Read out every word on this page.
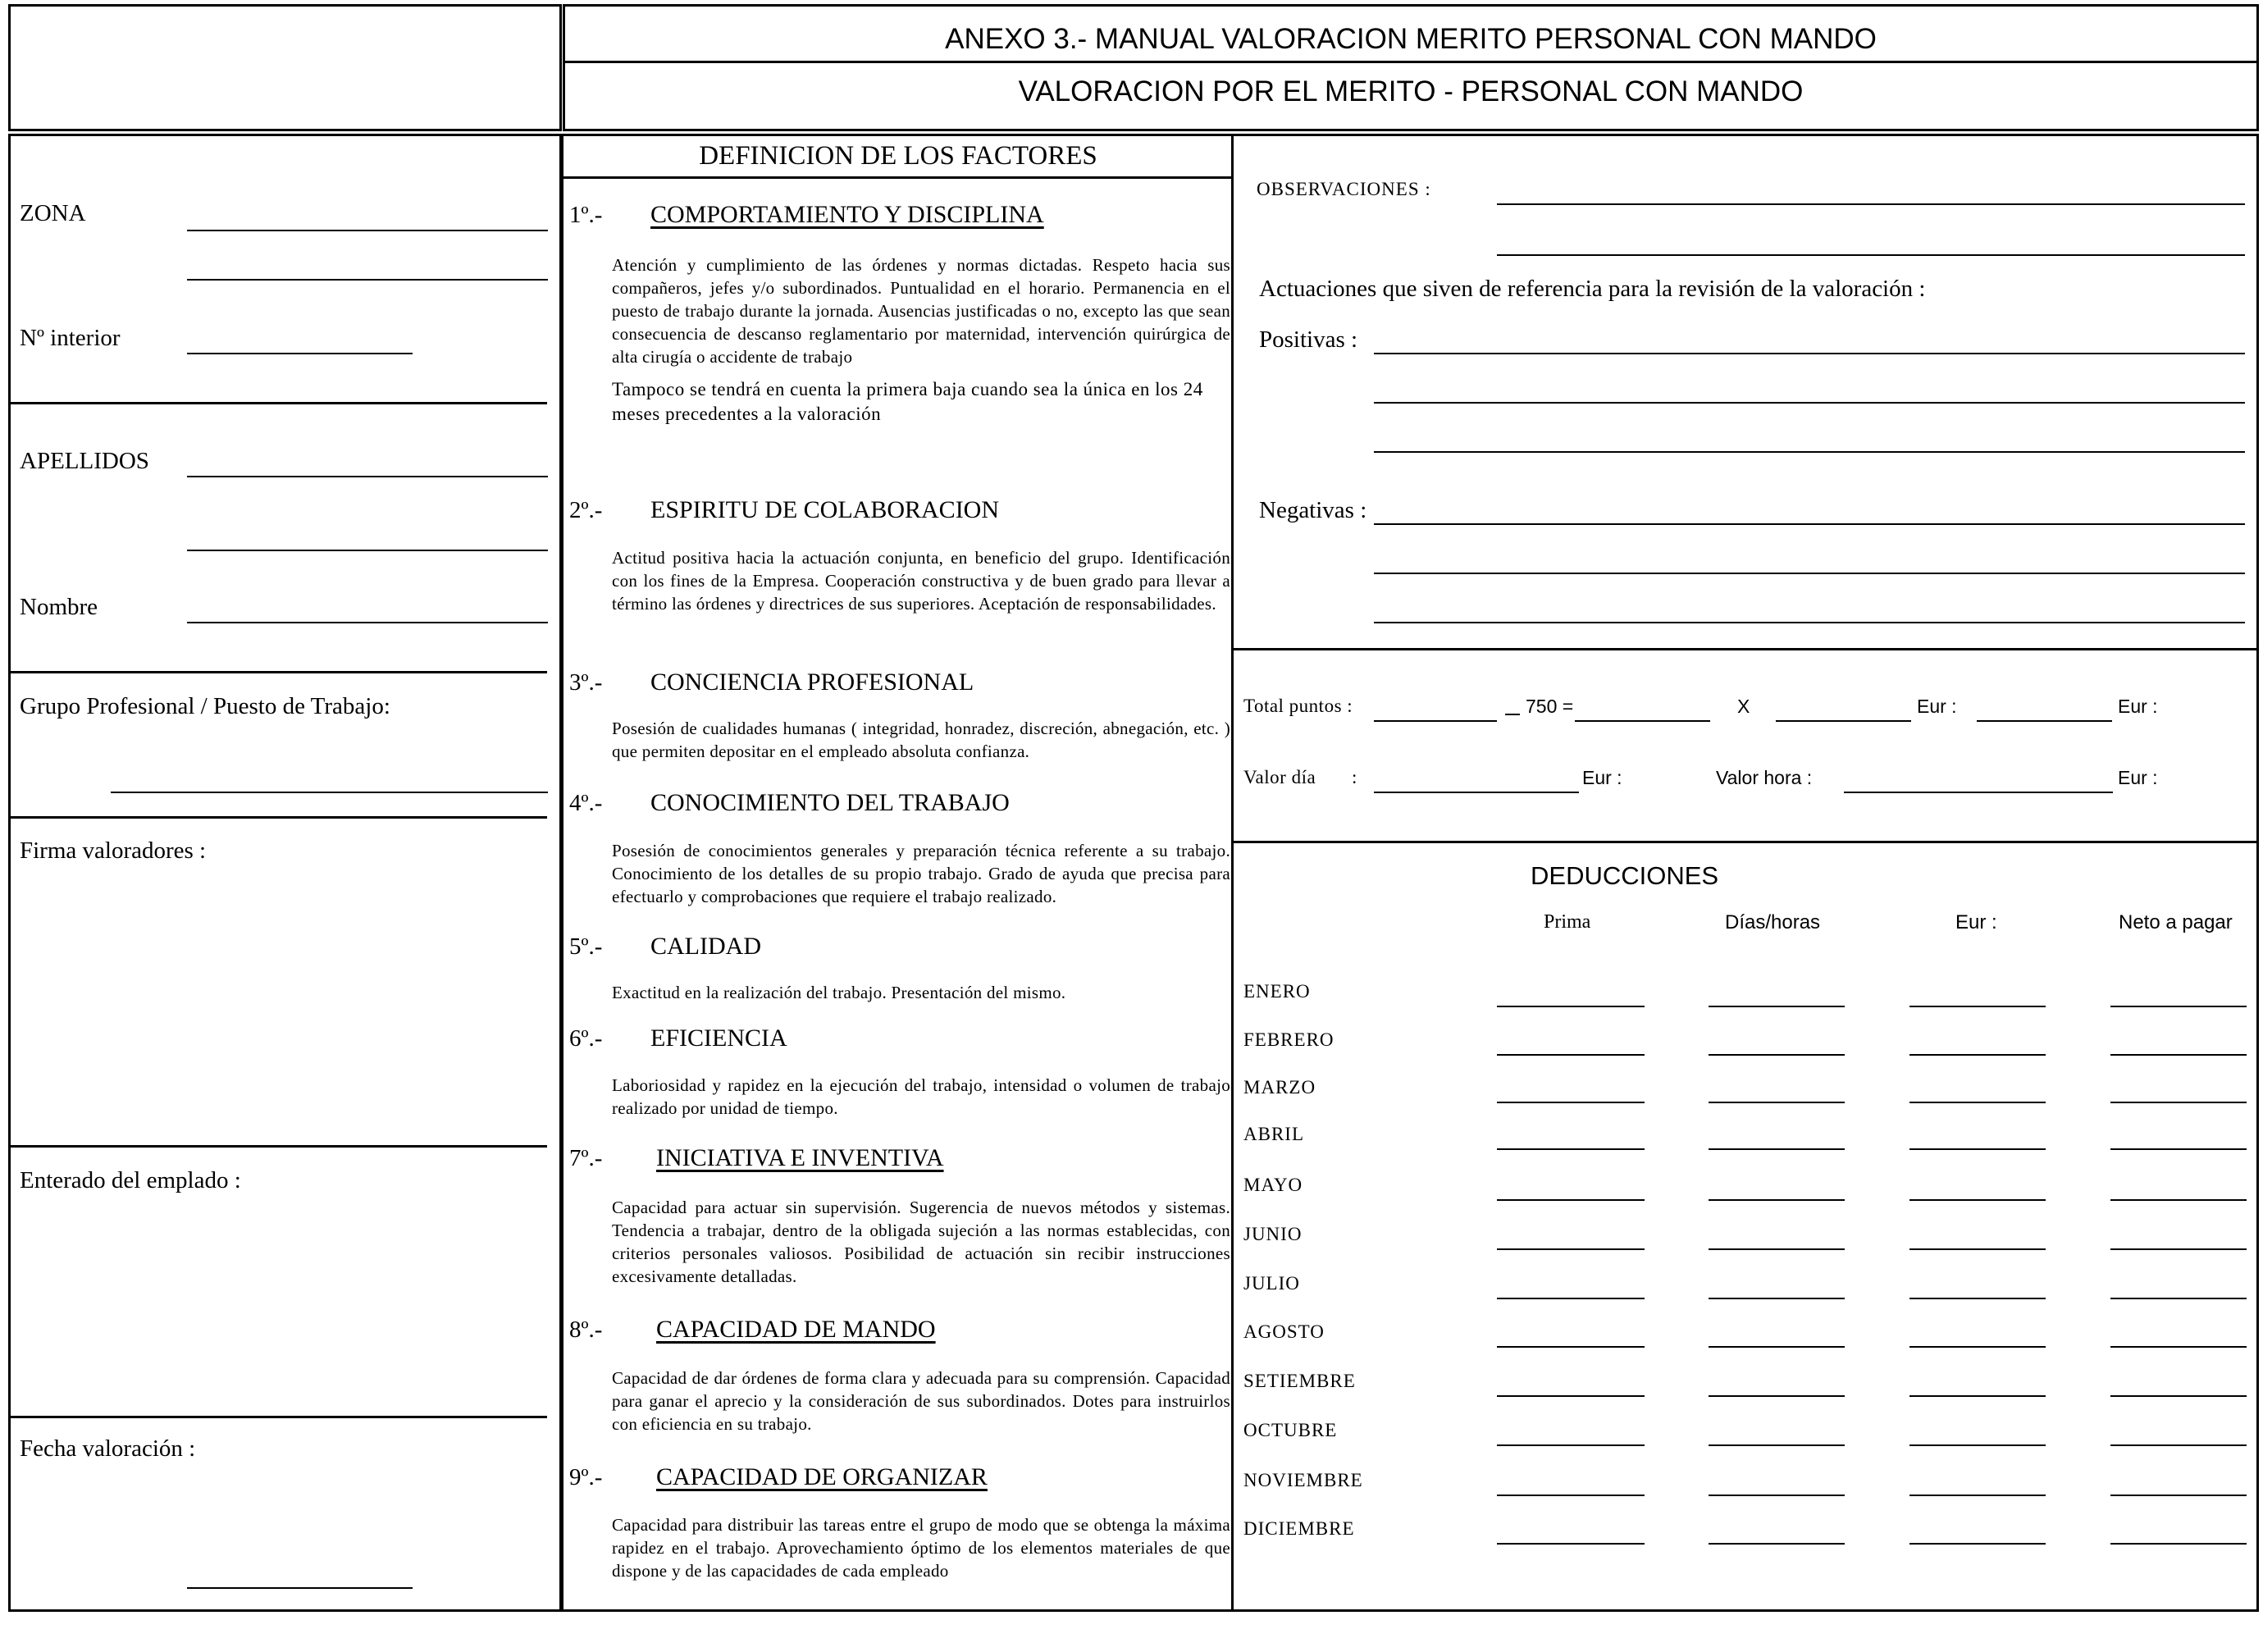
ANEXO 3.- MANUAL VALORACION MERITO PERSONAL CON MANDO
VALORACION POR EL MERITO - PERSONAL CON MANDO
ZONA
Nº interior
APELLIDOS
Nombre
Grupo Profesional / Puesto de Trabajo:
Firma valoradores :
Enterado del emplado :
Fecha valoración :
DEFINICION DE LOS FACTORES
1º.- COMPORTAMIENTO Y DISCIPLINA
Atención y cumplimiento de las órdenes y normas dictadas. Respeto hacia sus compañeros, jefes y/o subordinados. Puntualidad en el horario. Permanencia en el puesto de trabajo durante la jornada. Ausencias justificadas o no, excepto las que sean consecuencia de descanso reglamentario por maternidad, intervención quirúrgica de alta cirugía o accidente de trabajo
Tampoco se tendrá en cuenta la primera baja cuando sea la única en los 24 meses precedentes a la valoración
2º.- ESPIRITU DE COLABORACION
Actitud positiva hacia la actuación conjunta, en beneficio del grupo. Identificación con los fines de la Empresa. Cooperación constructiva y de buen grado para llevar a término las órdenes y directrices de sus superiores. Aceptación de responsabilidades.
3º.- CONCIENCIA PROFESIONAL
Posesión de cualidades humanas ( integridad, honradez, discreción, abnegación, etc. ) que permiten depositar en el empleado absoluta confianza.
4º.- CONOCIMIENTO DEL TRABAJO
Posesión de conocimientos generales y preparación técnica referente a su trabajo. Conocimiento de los detalles de su propio trabajo. Grado de ayuda que precisa para efectuarlo y comprobaciones que requiere el trabajo realizado.
5º.- CALIDAD
Exactitud en la realización del trabajo. Presentación del mismo.
6º.- EFICIENCIA
Laboriosidad y rapidez en la ejecución del trabajo, intensidad o volumen de trabajo realizado por unidad de tiempo.
7º.- INICIATIVA E INVENTIVA
Capacidad para actuar sin supervisión. Sugerencia de nuevos métodos y sistemas. Tendencia a trabajar, dentro de la obligada sujeción a las normas establecidas, con criterios personales valiosos. Posibilidad de actuación sin recibir instrucciones excesivamente detalladas.
8º.- CAPACIDAD DE MANDO
Capacidad de dar órdenes de forma clara y adecuada para su comprensión. Capacidad para ganar el aprecio y la consideración de sus subordinados. Dotes para instruirlos con eficiencia en su trabajo.
9º.- CAPACIDAD DE ORGANIZAR
Capacidad para distribuir las tareas entre el grupo de modo que se obtenga la máxima rapidez en el trabajo. Aprovechamiento óptimo de los elementos materiales de que dispone y de las capacidades de cada empleado
OBSERVACIONES :
Actuaciones que siven de referencia para la revisión de la valoración :
Positivas :
Negativas :
Total puntos :	750 =	X	Eur :	Eur :
Valor día :	Eur :	Valor hora :	Eur :
DEDUCCIONES
Prima	Días/horas	Eur :	Neto a pagar
ENERO
FEBRERO
MARZO
ABRIL
MAYO
JUNIO
JULIO
AGOSTO
SETIEMBRE
OCTUBRE
NOVIEMBRE
DICIEMBRE
